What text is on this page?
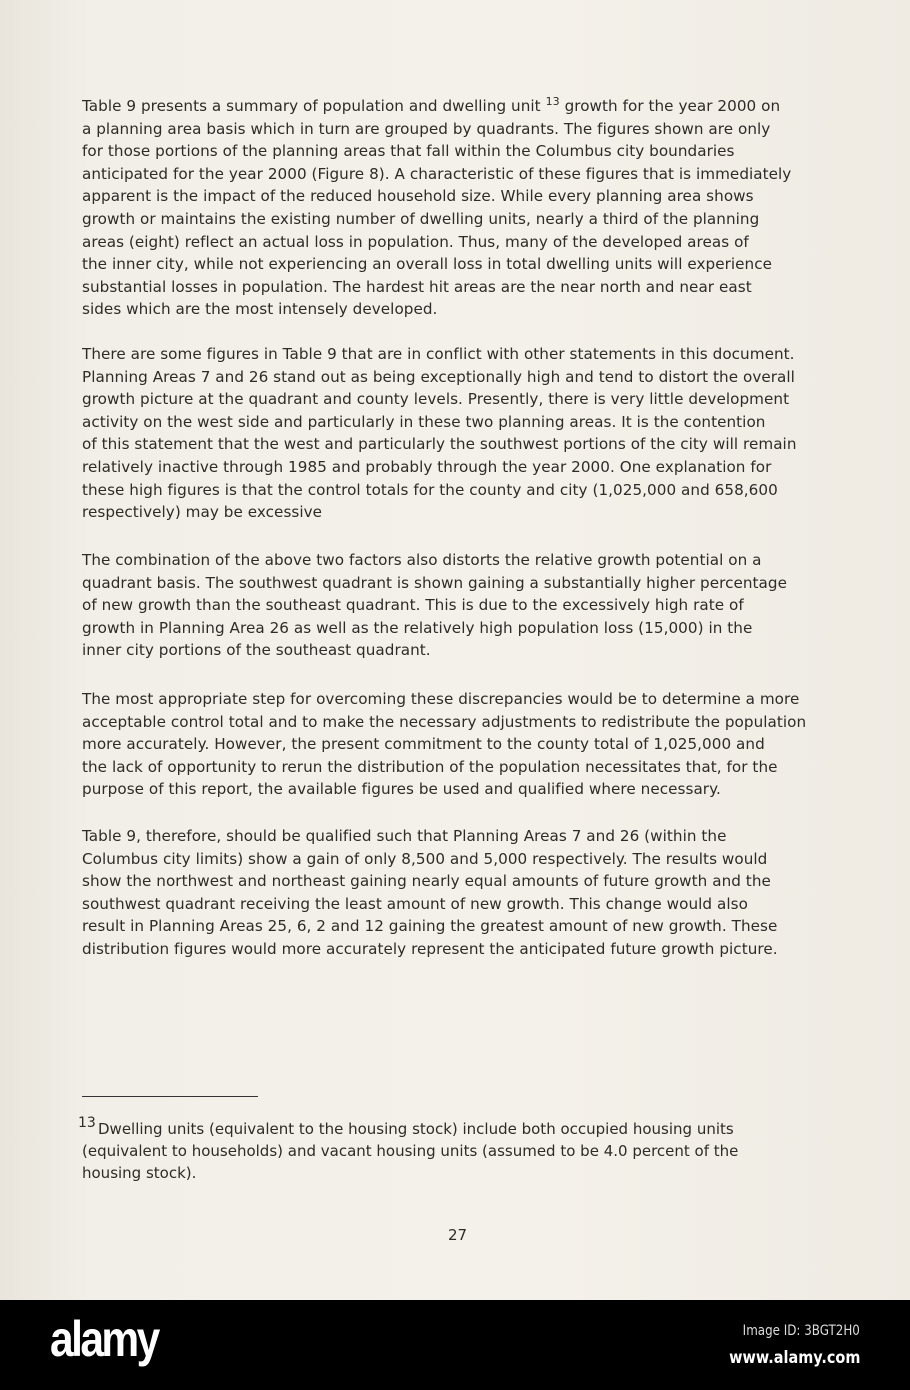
Table 9 presents a summary of population and dwelling unit $^{13}$ growth for the year 2000 on
a planning area basis which in turn are grouped by quadrants. The figures shown are only
for those portions of the planning areas that fall within the Columbus city boundaries
anticipated for the year 2000 (Figure 8). A characteristic of these figures that is immediately
apparent is the impact of the reduced household size. While every planning area shows
growth or maintains the existing number of dwelling units, nearly a third of the planning
areas (eight) reflect an actual loss in population. Thus, many of the developed areas of
the inner city, while not experiencing an overall loss in total dwelling units will experience
substantial losses in population. The hardest hit areas are the near north and near east
sides which are the most intensely developed.
There are some figures in Table 9 that are in conflict with other statements in this document.
Planning Areas 7 and 26 stand out as being exceptionally high and tend to distort the overall
growth picture at the quadrant and county levels. Presently, there is very little development
activity on the west side and particularly in these two planning areas. It is the contention
of this statement that the west and particularly the southwest portions of the city will remain
relatively inactive through 1985 and probably through the year 2000. One explanation for
these high figures is that the control totals for the county and city (1,025,000 and 658,600
respectively) may be excessive
The combination of the above two factors also distorts the relative growth potential on a
quadrant basis. The southwest quadrant is shown gaining a substantially higher percentage
of new growth than the southeast quadrant. This is due to the excessively high rate of
growth in Planning Area 26 as well as the relatively high population loss (15,000) in the
inner city portions of the southeast quadrant.
The most appropriate step for overcoming these discrepancies would be to determine a more
acceptable control total and to make the necessary adjustments to redistribute the population
more accurately. However, the present commitment to the county total of 1,025,000 and
the lack of opportunity to rerun the distribution of the population necessitates that, for the
purpose of this report, the available figures be used and qualified where necessary.
Table 9, therefore, should be qualified such that Planning Areas 7 and 26 (within the
Columbus city limits) show a gain of only 8,500 and 5,000 respectively. The results would
show the northwest and northeast gaining nearly equal amounts of future growth and the
southwest quadrant receiving the least amount of new growth. This change would also
result in Planning Areas 25, 6, 2 and 12 gaining the greatest amount of new growth. These
distribution figures would more accurately represent the anticipated future growth picture.
13 Dwelling units (equivalent to the housing stock) include both occupied housing units
(equivalent to households) and vacant housing units (assumed to be 4.0 percent of the
housing stock).
27
alamy	Image ID: 3BGT2H0
www.alamy.com
